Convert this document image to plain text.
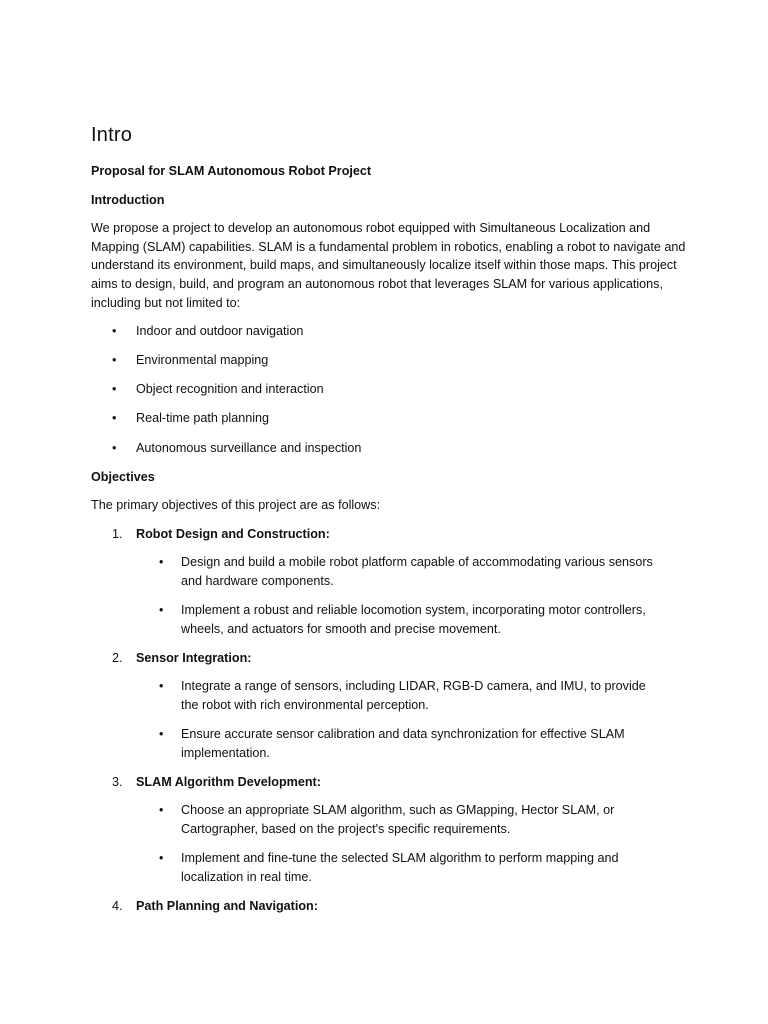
Intro
Proposal for SLAM Autonomous Robot Project
Introduction
We propose a project to develop an autonomous robot equipped with Simultaneous Localization and Mapping (SLAM) capabilities. SLAM is a fundamental problem in robotics, enabling a robot to navigate and understand its environment, build maps, and simultaneously localize itself within those maps. This project aims to design, build, and program an autonomous robot that leverages SLAM for various applications, including but not limited to:
• Indoor and outdoor navigation
• Environmental mapping
• Object recognition and interaction
• Real-time path planning
• Autonomous surveillance and inspection
Objectives
The primary objectives of this project are as follows:
1. Robot Design and Construction:
• Design and build a mobile robot platform capable of accommodating various sensors and hardware components.
• Implement a robust and reliable locomotion system, incorporating motor controllers, wheels, and actuators for smooth and precise movement.
2. Sensor Integration:
• Integrate a range of sensors, including LIDAR, RGB-D camera, and IMU, to provide the robot with rich environmental perception.
• Ensure accurate sensor calibration and data synchronization for effective SLAM implementation.
3. SLAM Algorithm Development:
• Choose an appropriate SLAM algorithm, such as GMapping, Hector SLAM, or Cartographer, based on the project's specific requirements.
• Implement and fine-tune the selected SLAM algorithm to perform mapping and localization in real time.
4. Path Planning and Navigation:
